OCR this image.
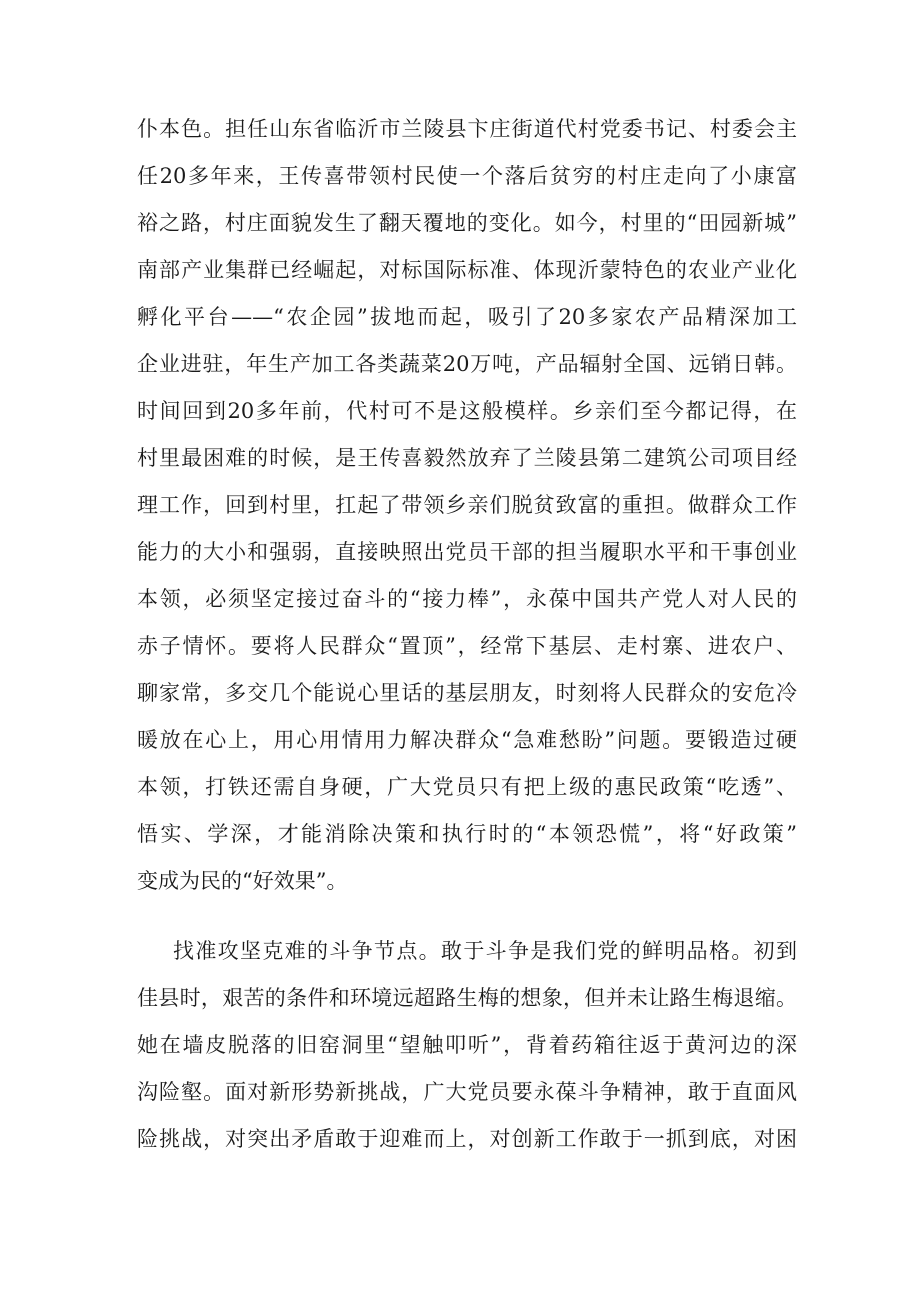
仆本色。担任山东省临沂市兰陵县卞庄街道代村党委书记、村委会主
任20多年来，王传喜带领村民使一个落后贫穷的村庄走向了小康富
裕之路，村庄面貌发生了翻天覆地的变化。如今，村里的“田园新城”
南部产业集群已经崛起，对标国际标准、体现沂蒙特色的农业产业化
孵化平台——“农企园”拔地而起，吸引了20多家农产品精深加工
企业进驻，年生产加工各类蔬菜20万吨，产品辐射全国、远销日韩。
时间回到20多年前，代村可不是这般模样。乡亲们至今都记得，在
村里最困难的时候，是王传喜毅然放弃了兰陵县第二建筑公司项目经
理工作，回到村里，扛起了带领乡亲们脱贫致富的重担。做群众工作
能力的大小和强弱，直接映照出党员干部的担当履职水平和干事创业
本领，必须坚定接过奋斗的“接力棒”，永葆中国共产党人对人民的
赤子情怀。要将人民群众“置顶”，经常下基层、走村寨、进农户、
聊家常，多交几个能说心里话的基层朋友，时刻将人民群众的安危冷
暖放在心上，用心用情用力解决群众“急难愁盼”问题。要锻造过硬
本领，打铁还需自身硬，广大党员只有把上级的惠民政策“吃透”、
悟实、学深，才能消除决策和执行时的“本领恐慌”，将“好政策”
变成为民的“好效果”。
找准攻坚克难的斗争节点。敢于斗争是我们党的鲜明品格。初到
佳县时，艰苦的条件和环境远超路生梅的想象，但并未让路生梅退缩。
她在墙皮脱落的旧窑洞里“望触叩听”，背着药箱往返于黄河边的深
沟险壑。面对新形势新挑战，广大党员要永葆斗争精神，敢于直面风
险挑战，对突出矛盾敢于迎难而上，对创新工作敢于一抓到底，对困
